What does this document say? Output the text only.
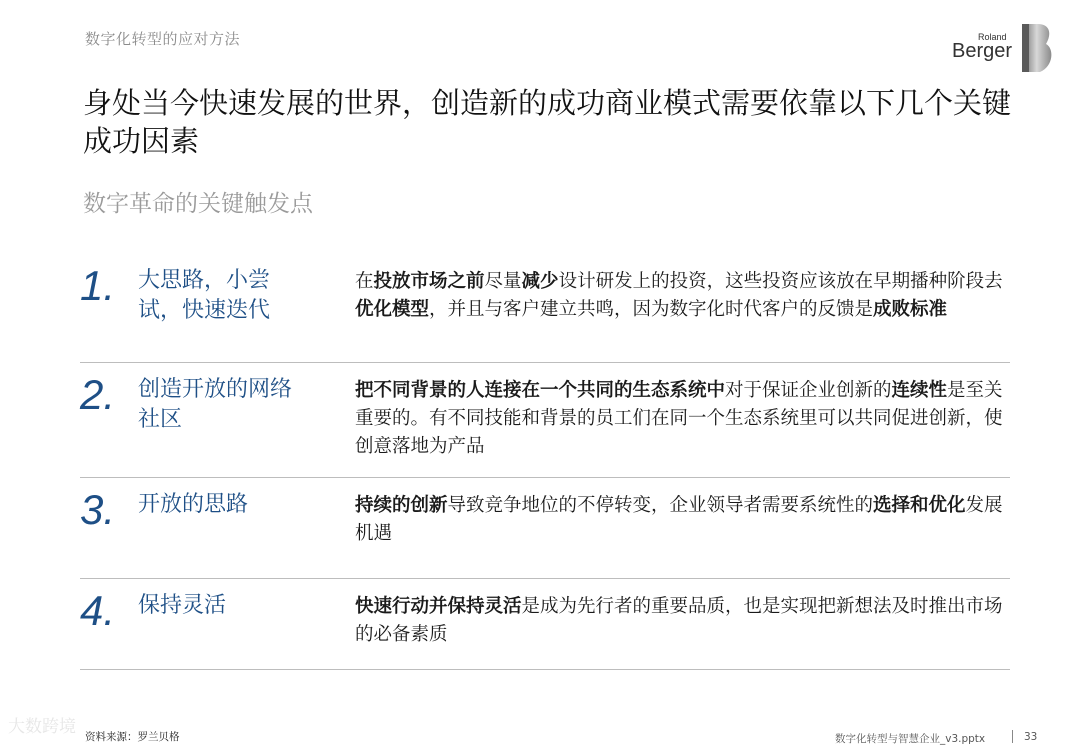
数字化转型的应对方法	Roland
Berger
身处当今快速发展的世界，创造新的成功商业模式需要依靠以下几个关键成功因素
数字革命的关键触发点
1. 大思路，小尝试，快速迭代
在投放市场之前尽量减少设计研发上的投资，这些投资应该放在早期播种阶段去优化模型，并且与客户建立共鸣，因为数字化时代客户的反馈是成败标准
2. 创造开放的网络社区
把不同背景的人连接在一个共同的生态系统中对于保证企业创新的连续性是至关重要的。有不同技能和背景的员工们在同一个生态系统里可以共同促进创新，使创意落地为产品
3. 开放的思路	持续的创新导致竞争地位的不停转变，企业领导者需要系统性的选择和优化发展机遇
4. 保持灵活	快速行动并保持灵活是成为先行者的重要品质，也是实现把新想法及时推出市场的必备素质
大数跨境 资料来源：罗兰贝格	数字化转型与智慧企业_v3.pptx	33
